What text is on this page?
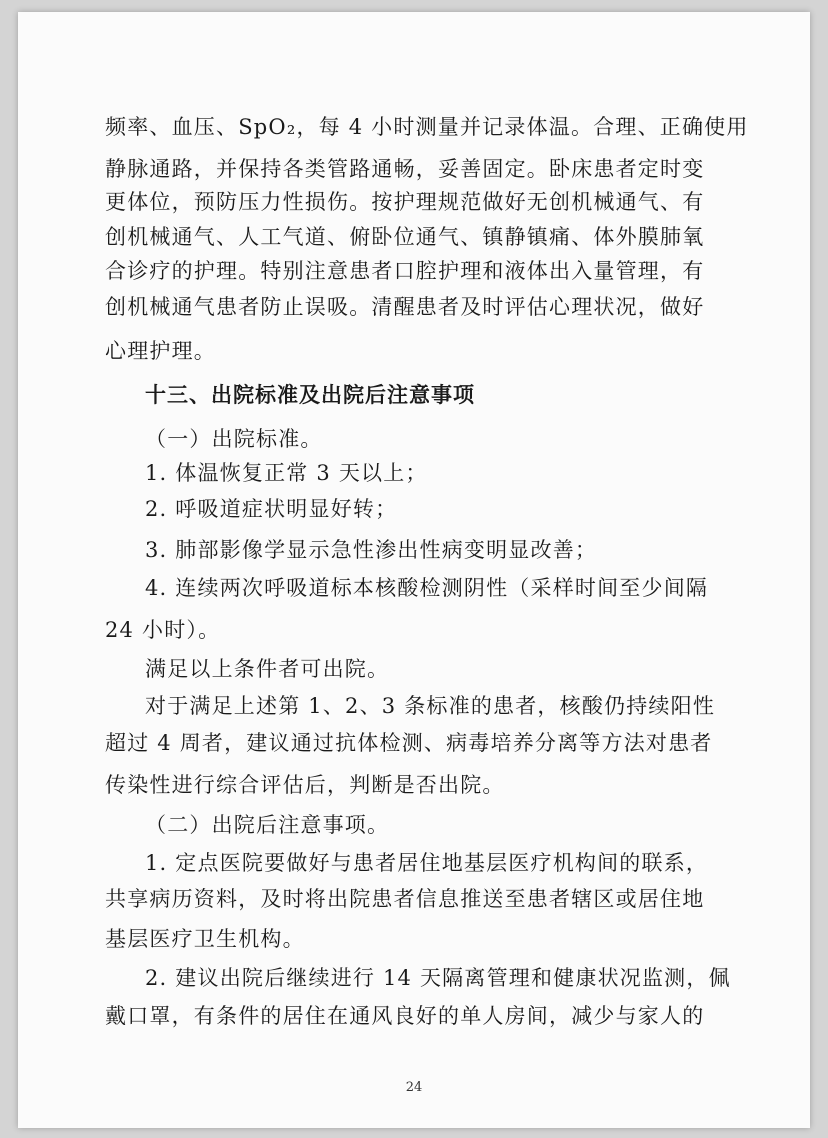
频率、血压、SpO₂，每 4 小时测量并记录体温。合理、正确使用
静脉通路，并保持各类管路通畅，妥善固定。卧床患者定时变
更体位，预防压力性损伤。按护理规范做好无创机械通气、有
创机械通气、人工气道、俯卧位通气、镇静镇痛、体外膜肺氧
合诊疗的护理。特别注意患者口腔护理和液体出入量管理，有
创机械通气患者防止误吸。清醒患者及时评估心理状况，做好
心理护理。
十三、出院标准及出院后注意事项
（一）出院标准。
1. 体温恢复正常 3 天以上；
2. 呼吸道症状明显好转；
3. 肺部影像学显示急性渗出性病变明显改善；
4. 连续两次呼吸道标本核酸检测阴性（采样时间至少间隔
24 小时）。
满足以上条件者可出院。
对于满足上述第 1、2、3 条标准的患者，核酸仍持续阳性
超过 4 周者，建议通过抗体检测、病毒培养分离等方法对患者
传染性进行综合评估后，判断是否出院。
（二）出院后注意事项。
1. 定点医院要做好与患者居住地基层医疗机构间的联系，
共享病历资料，及时将出院患者信息推送至患者辖区或居住地
基层医疗卫生机构。
2. 建议出院后继续进行 14 天隔离管理和健康状况监测，佩
戴口罩，有条件的居住在通风良好的单人房间，减少与家人的
24
